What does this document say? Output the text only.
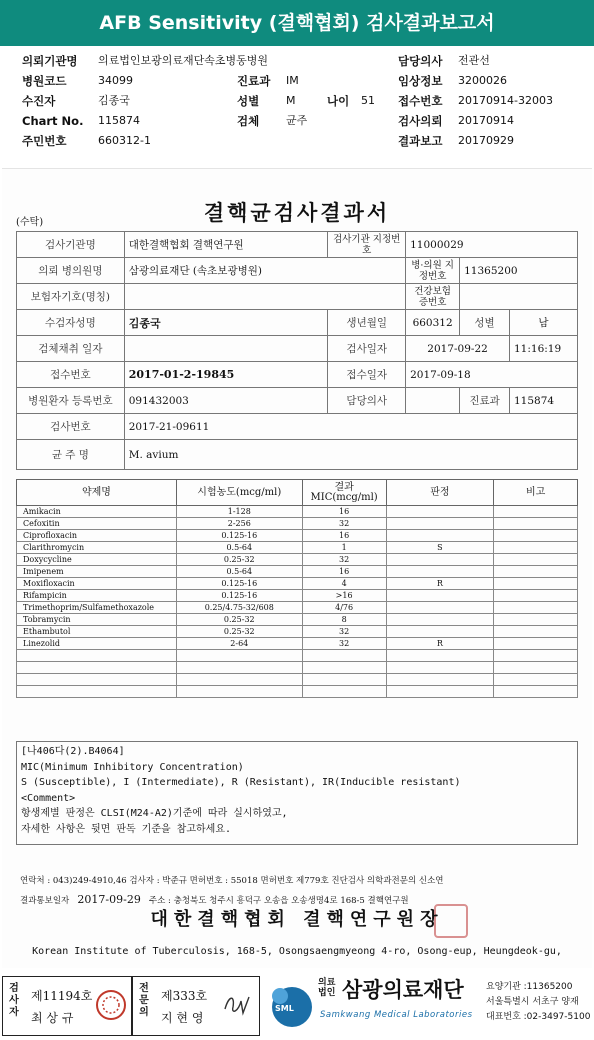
AFB Sensitivity (결핵협회) 검사결과보고서
의뢰기관명 의료법인보광의료재단속초병동병원	담당의사 전관선
병원코드	34099	진료과 IM	임상정보 3200026
수진자	김종국	성별 M	나이 51 접수번호 20170914-32003
Chart No. 115874	검체 균주	검사의뢰 20170914
주민번호	660312-1	결과보고 20170929
결핵균검사결과서
(수탁)
검사기관명	대한결핵협회 결핵연구원	검사기관 지정번호	11000029		
의뢰 병의원명	삼광의료재단 (속초보광병원)		병·의원 지정번호	11365200	
보험자기호(명칭)			건강보험 증번호		
수검자성명	김종국	생년월일	660312	성별	남
검체채취 일자		검사일자	2017-09-22		11:16:19
접수번호	2017-01-2-19845	접수일자	2017-09-18		
병원환자 등록번호	091432003	담당의사		진료과	115874
검사번호	2017-21-09611				
균 주 명	M. avium				
약제명	시험농도(mcg/ml)	결과 MIC(mcg/ml)	판정	비고
Amikacin	1-128	16		
Cefoxitin	2-256	32		
Ciprofloxacin	0.125-16	16		
Clarithromycin	0.5-64	1	S	
Doxycycline	0.25-32	32		
Imipenem	0.5-64	16		
Moxifloxacin	0.125-16	4	R	
Rifampicin	0.125-16	>16		
Trimethoprim/Sulfamethoxazole	0.25/4.75-32/608	4/76		
Tobramycin	0.25-32	8		
Ethambutol	0.25-32	32		
Linezolid	2-64	32	R	

[나406다(2).B4064]
MIC(Minimum Inhibitory Concentration)
S (Susceptible), I (Intermediate), R (Resistant), IR(Inducible resistant)
<Comment>
항생제별 판정은 CLSI(M24-A2)기준에 따라 실시하였고,
자세한 사항은 뒷면 판독 기준을 참고하세요.
연락처 : 043)249-4910,46 검사자 : 박준규 면허번호 : 55018 면허번호 제779호 진단검사 의학과전문의 신소연
결과통보일자 2017-09-29 주소 : 충청북도 청주시 흥덕구 오송읍 오송생명4로 168-5 결핵연구원
대한결핵협회 결핵연구원장
Korean Institute of Tuberculosis, 168-5, Osongsaengmyeong 4-ro, Osong-eup, Heungdeok-gu,
검사자
제11194호
최 상 규
전문의
제333호
지 현 영
SML
의료법인 삼광의료재단
Samkwang Medical Laboratories
요양기관 :11365200
서울특별시 서초구 양재
대표번호 :02-3497-5100
